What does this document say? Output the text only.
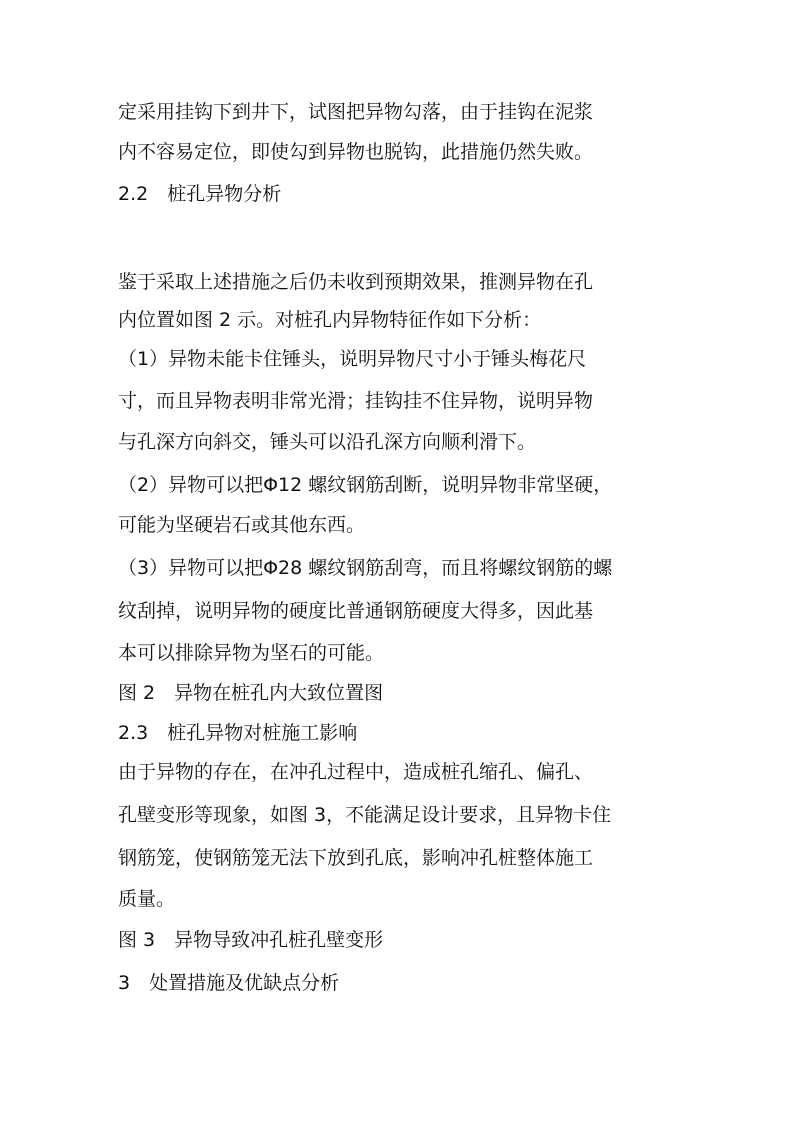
定采用挂钩下到井下，试图把异物勾落，由于挂钩在泥浆
内不容易定位，即使勾到异物也脱钩，此措施仍然失败。
2.2　桩孔异物分析
鉴于采取上述措施之后仍未收到预期效果，推测异物在孔
内位置如图 2 示。对桩孔内异物特征作如下分析：
（1）异物未能卡住锤头，说明异物尺寸小于锤头梅花尺
寸，而且异物表明非常光滑；挂钩挂不住异物，说明异物
与孔深方向斜交，锤头可以沿孔深方向顺利滑下。
（2）异物可以把Φ12 螺纹钢筋刮断，说明异物非常坚硬，
可能为坚硬岩石或其他东西。
（3）异物可以把Φ28 螺纹钢筋刮弯，而且将螺纹钢筋的螺
纹刮掉，说明异物的硬度比普通钢筋硬度大得多，因此基
本可以排除异物为坚石的可能。
图 2　异物在桩孔内大致位置图
2.3　桩孔异物对桩施工影响
由于异物的存在，在冲孔过程中，造成桩孔缩孔、偏孔、
孔壁变形等现象，如图 3，不能满足设计要求，且异物卡住
钢筋笼，使钢筋笼无法下放到孔底，影响冲孔桩整体施工
质量。
图 3　异物导致冲孔桩孔壁变形
3　处置措施及优缺点分析
